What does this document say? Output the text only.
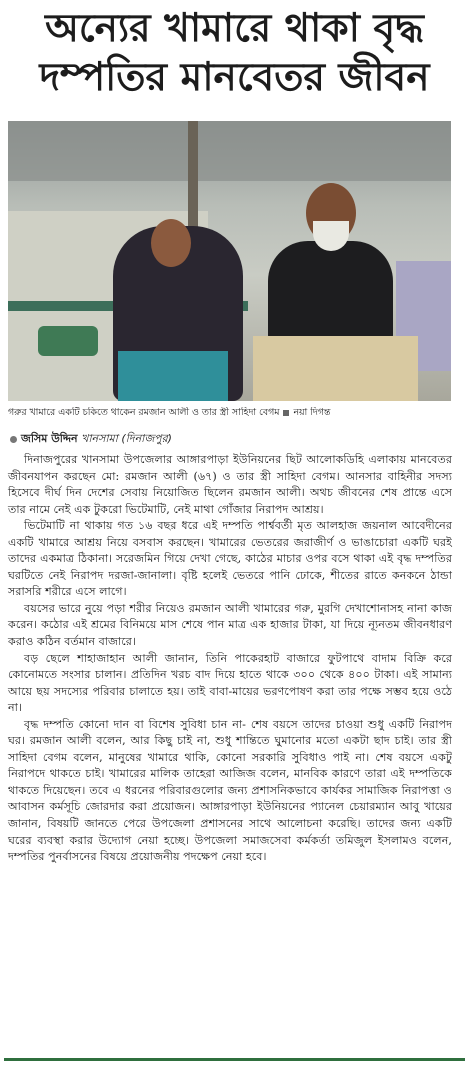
অন্যের খামারে থাকা বৃদ্ধ
দম্পতির মানবেতর জীবন
গরুর খামারে একটি চকিতে থাকেন রমজান আলী ও তার স্ত্রী সাহিদা বেগম নয়া দিগন্ত
জসিম উদ্দিন খানসামা (দিনাজপুর)

দিনাজপুরের খানসামা উপজেলার আঙ্গারপাড়া ইউনিয়নের ছিট আলোকডিহি এলাকায় মানবেতর জীবনযাপন করছেন মো: রমজান আলী (৬৭) ও তার স্ত্রী সাহিদা বেগম। আনসার বাহিনীর সদস্য হিসেবে দীর্ঘ দিন দেশের সেবায় নিয়োজিত ছিলেন রমজান আলী। অথচ জীবনের শেষ প্রান্তে এসে তার নামে নেই এক টুকরো ভিটেমাটি, নেই মাথা গোঁজার নিরাপদ আশ্রয়।

ভিটেমাটি না থাকায় গত ১৬ বছর ধরে এই দম্পতি পার্শ্ববর্তী মৃত আলহাজ জয়নাল আবেদীনের একটি খামারে আশ্রয় নিয়ে বসবাস করছেন। খামারের ভেতরের জরাজীর্ণ ও ভাঙাচোরা একটি ঘরই তাদের একমাত্র ঠিকানা। সরেজমিন গিয়ে দেখা গেছে, কাঠের মাচার ওপর বসে থাকা এই বৃদ্ধ দম্পতির ঘরটিতে নেই নিরাপদ দরজা-জানালা। বৃষ্টি হলেই ভেতরে পানি ঢোকে, শীতের রাতে কনকনে ঠান্ডা সরাসরি শরীরে এসে লাগে।

বয়সের ভারে নুয়ে পড়া শরীর নিয়েও রমজান আলী খামারের গরু, মুরগি দেখাশোনাসহ নানা কাজ করেন। কঠোর এই শ্রমের বিনিময়ে মাস শেষে পান মাত্র এক হাজার টাকা, যা দিয়ে ন্যূনতম জীবনধারণ করাও কঠিন বর্তমান বাজারে।

বড় ছেলে শাহাজাহান আলী জানান, তিনি পাকেরহাট বাজারে ফুটপাথে বাদাম বিক্রি করে কোনোমতে সংসার চালান। প্রতিদিন খরচ বাদ দিয়ে হাতে থাকে ৩০০ থেকে ৪০০ টাকা। এই সামান্য আয়ে ছয় সদস্যের পরিবার চালাতে হয়। তাই বাবা-মায়ের ভরণপোষণ করা তার পক্ষে সম্ভব হয়ে ওঠে না।

বৃদ্ধ দম্পতি কোনো দান বা বিশেষ সুবিধা চান না- শেষ বয়সে তাদের চাওয়া শুধু একটি নিরাপদ ঘর। রমজান আলী বলেন, আর কিছু চাই না, শুধু শান্তিতে ঘুমানোর মতো একটা ছাদ চাই। তার স্ত্রী সাহিদা বেগম বলেন, মানুষের খামারে থাকি, কোনো সরকারি সুবিধাও পাই না। শেষ বয়সে একটু নিরাপদে থাকতে চাই। খামারের মালিক তাহেরা আজিজ বলেন, মানবিক কারণে তারা এই দম্পতিকে থাকতে দিয়েছেন। তবে এ ধরনের পরিবারগুলোর জন্য প্রশাসনিকভাবে কার্যকর সামাজিক নিরাপত্তা ও আবাসন কর্মসূচি জোরদার করা প্রয়োজন। আঙ্গারপাড়া ইউনিয়নের প্যানেল চেয়ারম্যান আবু খায়ের জানান, বিষয়টি জানতে পেরে উপজেলা প্রশাসনের সাথে আলোচনা করেছি। তাদের জন্য একটি ঘরের ব্যবস্থা করার উদ্যোগ নেয়া হচ্ছে। উপজেলা সমাজসেবা কর্মকর্তা তমিজুল ইসলামও বলেন, দম্পতির পুনর্বাসনের বিষয়ে প্রয়োজনীয় পদক্ষেপ নেয়া হবে।
